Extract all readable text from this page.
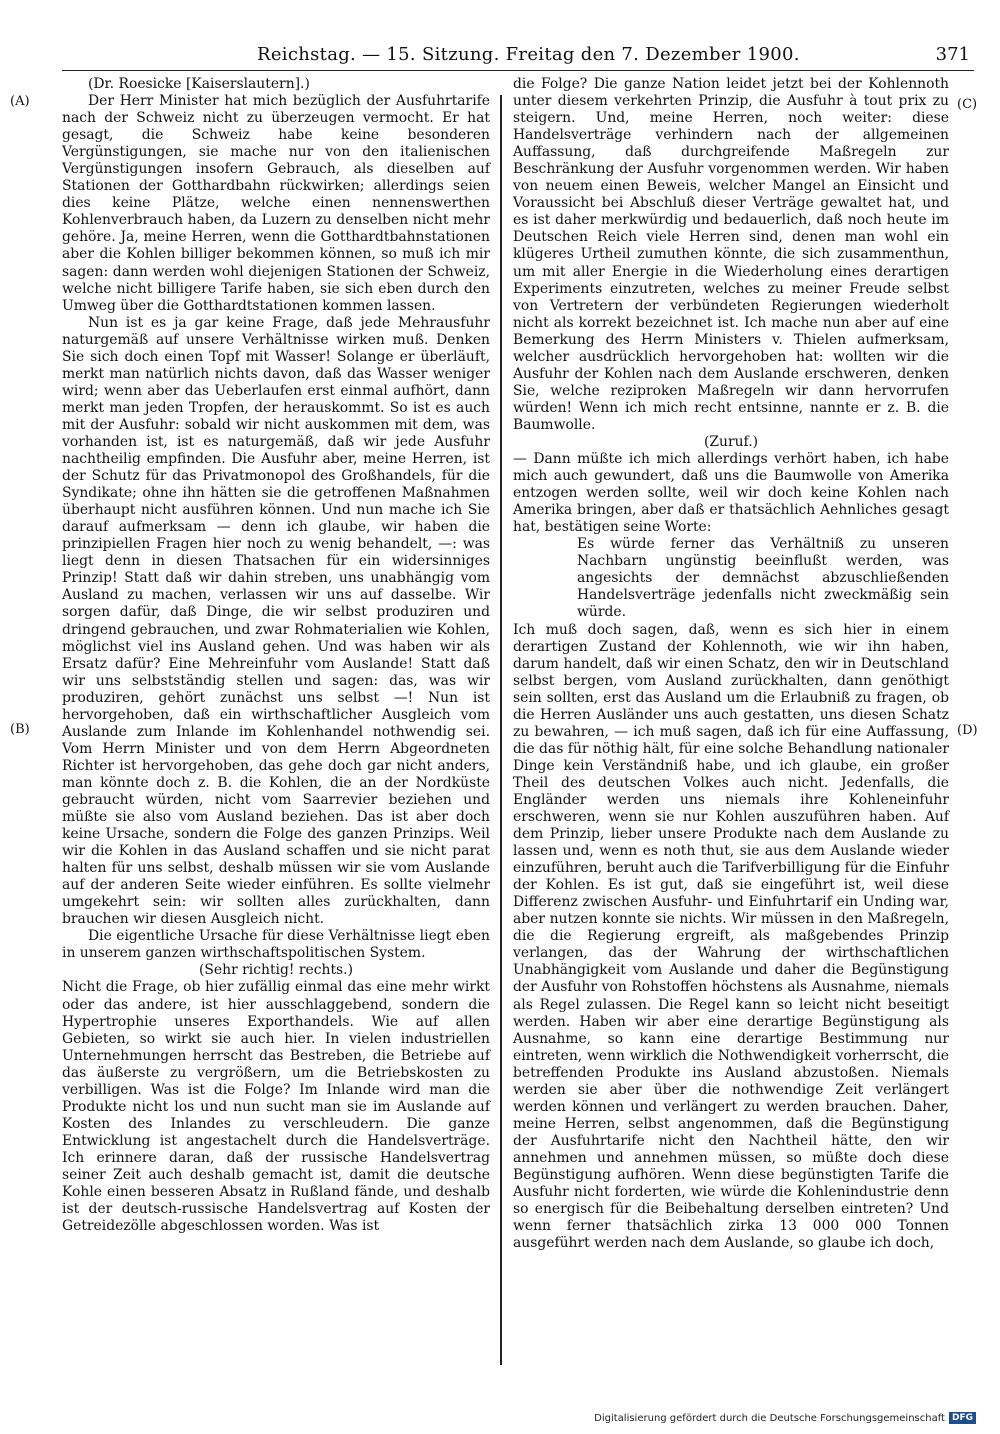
Reichstag. — 15. Sitzung. Freitag den 7. Dezember 1900.	371
(A)
(B)
(C)
(D)

(Dr. Roesicke [Kaiserslautern].)

Der Herr Minister hat mich bezüglich der Ausfuhrtarife nach der Schweiz nicht zu überzeugen vermocht. Er hat gesagt, die Schweiz habe keine besonderen Vergünstigungen, sie mache nur von den italienischen Vergünstigungen insofern Gebrauch, als dieselben auf Stationen der Gotthardbahn rückwirken; allerdings seien dies keine Plätze, welche einen nennenswerthen Kohlenverbrauch haben, da Luzern zu denselben nicht mehr gehöre. Ja, meine Herren, wenn die Gotthardtbahnstationen aber die Kohlen billiger bekommen können, so muß ich mir sagen: dann werden wohl diejenigen Stationen der Schweiz, welche nicht billigere Tarife haben, sie sich eben durch den Umweg über die Gotthardtstationen kommen lassen.

Nun ist es ja gar keine Frage, daß jede Mehrausfuhr naturgemäß auf unsere Verhältnisse wirken muß. Denken Sie sich doch einen Topf mit Wasser! Solange er überläuft, merkt man natürlich nichts davon, daß das Wasser weniger wird; wenn aber das Ueberlaufen erst einmal aufhört, dann merkt man jeden Tropfen, der herauskommt. So ist es auch mit der Ausfuhr: sobald wir nicht auskommen mit dem, was vorhanden ist, ist es naturgemäß, daß wir jede Ausfuhr nachtheilig empfinden. Die Ausfuhr aber, meine Herren, ist der Schutz für das Privatmonopol des Großhandels, für die Syndikate; ohne ihn hätten sie die getroffenen Maßnahmen überhaupt nicht ausführen können. Und nun mache ich Sie darauf aufmerksam — denn ich glaube, wir haben die prinzipiellen Fragen hier noch zu wenig behandelt, —: was liegt denn in diesen Thatsachen für ein widersinniges Prinzip! Statt daß wir dahin streben, uns unabhängig vom Ausland zu machen, verlassen wir uns auf dasselbe. Wir sorgen dafür, daß Dinge, die wir selbst produziren und dringend gebrauchen, und zwar Rohmaterialien wie Kohlen, möglichst viel ins Ausland gehen. Und was haben wir als Ersatz dafür? Eine Mehreinfuhr vom Auslande! Statt daß wir uns selbstständig stellen und sagen: das, was wir produziren, gehört zunächst uns selbst —! Nun ist hervorgehoben, daß ein wirthschaftlicher Ausgleich vom Auslande zum Inlande im Kohlenhandel nothwendig sei. Vom Herrn Minister und von dem Herrn Abgeordneten Richter ist hervorgehoben, das gehe doch gar nicht anders, man könnte doch z. B. die Kohlen, die an der Nordküste gebraucht würden, nicht vom Saarrevier beziehen und müßte sie also vom Ausland beziehen. Das ist aber doch keine Ursache, sondern die Folge des ganzen Prinzips. Weil wir die Kohlen in das Ausland schaffen und sie nicht parat halten für uns selbst, deshalb müssen wir sie vom Auslande auf der anderen Seite wieder einführen. Es sollte vielmehr umgekehrt sein: wir sollten alles zurückhalten, dann brauchen wir diesen Ausgleich nicht.

Die eigentliche Ursache für diese Verhältnisse liegt eben in unserem ganzen wirthschaftspolitischen System.

(Sehr richtig! rechts.)

Nicht die Frage, ob hier zufällig einmal das eine mehr wirkt oder das andere, ist hier ausschlaggebend, sondern die Hypertrophie unseres Exporthandels. Wie auf allen Gebieten, so wirkt sie auch hier. In vielen industriellen Unternehmungen herrscht das Bestreben, die Betriebe auf das äußerste zu vergrößern, um die Betriebskosten zu verbilligen. Was ist die Folge? Im Inlande wird man die Produkte nicht los und nun sucht man sie im Auslande auf Kosten des Inlandes zu verschleudern. Die ganze Entwicklung ist angestachelt durch die Handelsverträge. Ich erinnere daran, daß der russische Handelsvertrag seiner Zeit auch deshalb gemacht ist, damit die deutsche Kohle einen besseren Absatz in Rußland fände, und deshalb ist der deutsch-russische Handelsvertrag auf Kosten der Getreidezölle abgeschlossen worden. Was ist

die Folge? Die ganze Nation leidet jetzt bei der Kohlennoth unter diesem verkehrten Prinzip, die Ausfuhr à tout prix zu steigern. Und, meine Herren, noch weiter: diese Handelsverträge verhindern nach der allgemeinen Auffassung, daß durchgreifende Maßregeln zur Beschränkung der Ausfuhr vorgenommen werden. Wir haben von neuem einen Beweis, welcher Mangel an Einsicht und Voraussicht bei Abschluß dieser Verträge gewaltet hat, und es ist daher merkwürdig und bedauerlich, daß noch heute im Deutschen Reich viele Herren sind, denen man wohl ein klügeres Urtheil zumuthen könnte, die sich zusammenthun, um mit aller Energie in die Wiederholung eines derartigen Experiments einzutreten, welches zu meiner Freude selbst von Vertretern der verbündeten Regierungen wiederholt nicht als korrekt bezeichnet ist. Ich mache nun aber auf eine Bemerkung des Herrn Ministers v. Thielen aufmerksam, welcher ausdrücklich hervorgehoben hat: wollten wir die Ausfuhr der Kohlen nach dem Auslande erschweren, denken Sie, welche reziproken Maßregeln wir dann hervorrufen würden! Wenn ich mich recht entsinne, nannte er z. B. die Baumwolle.

(Zuruf.)

— Dann müßte ich mich allerdings verhört haben, ich habe mich auch gewundert, daß uns die Baumwolle von Amerika entzogen werden sollte, weil wir doch keine Kohlen nach Amerika bringen, aber daß er thatsächlich Aehnliches gesagt hat, bestätigen seine Worte:

Es würde ferner das Verhältniß zu unseren Nachbarn ungünstig beeinflußt werden, was angesichts der demnächst abzuschließenden Handelsverträge jedenfalls nicht zweckmäßig sein würde.

Ich muß doch sagen, daß, wenn es sich hier in einem derartigen Zustand der Kohlennoth, wie wir ihn haben, darum handelt, daß wir einen Schatz, den wir in Deutschland selbst bergen, vom Ausland zurückhalten, dann genöthigt sein sollten, erst das Ausland um die Erlaubniß zu fragen, ob die Herren Ausländer uns auch gestatten, uns diesen Schatz zu bewahren, — ich muß sagen, daß ich für eine Auffassung, die das für nöthig hält, für eine solche Behandlung nationaler Dinge kein Verständniß habe, und ich glaube, ein großer Theil des deutschen Volkes auch nicht. Jedenfalls, die Engländer werden uns niemals ihre Kohleneinfuhr erschweren, wenn sie nur Kohlen auszuführen haben. Auf dem Prinzip, lieber unsere Produkte nach dem Auslande zu lassen und, wenn es noth thut, sie aus dem Auslande wieder einzuführen, beruht auch die Tarifverbilligung für die Einfuhr der Kohlen. Es ist gut, daß sie eingeführt ist, weil diese Differenz zwischen Ausfuhr- und Einfuhrtarif ein Unding war, aber nutzen konnte sie nichts. Wir müssen in den Maßregeln, die die Regierung ergreift, als maßgebendes Prinzip verlangen, das der Wahrung der wirthschaftlichen Unabhängigkeit vom Auslande und daher die Begünstigung der Ausfuhr von Rohstoffen höchstens als Ausnahme, niemals als Regel zulassen. Die Regel kann so leicht nicht beseitigt werden. Haben wir aber eine derartige Begünstigung als Ausnahme, so kann eine derartige Bestimmung nur eintreten, wenn wirklich die Nothwendigkeit vorherrscht, die betreffenden Produkte ins Ausland abzustoßen. Niemals werden sie aber über die nothwendige Zeit verlängert werden können und verlängert zu werden brauchen. Daher, meine Herren, selbst angenommen, daß die Begünstigung der Ausfuhrtarife nicht den Nachtheil hätte, den wir annehmen und annehmen müssen, so müßte doch diese Begünstigung aufhören. Wenn diese begünstigten Tarife die Ausfuhr nicht forderten, wie würde die Kohlenindustrie denn so energisch für die Beibehaltung derselben eintreten? Und wenn ferner thatsächlich zirka 13 000 000 Tonnen ausgeführt werden nach dem Auslande, so glaube ich doch,

Digitalisierung gefördert durch die Deutsche Forschungsgemeinschaft DFG
